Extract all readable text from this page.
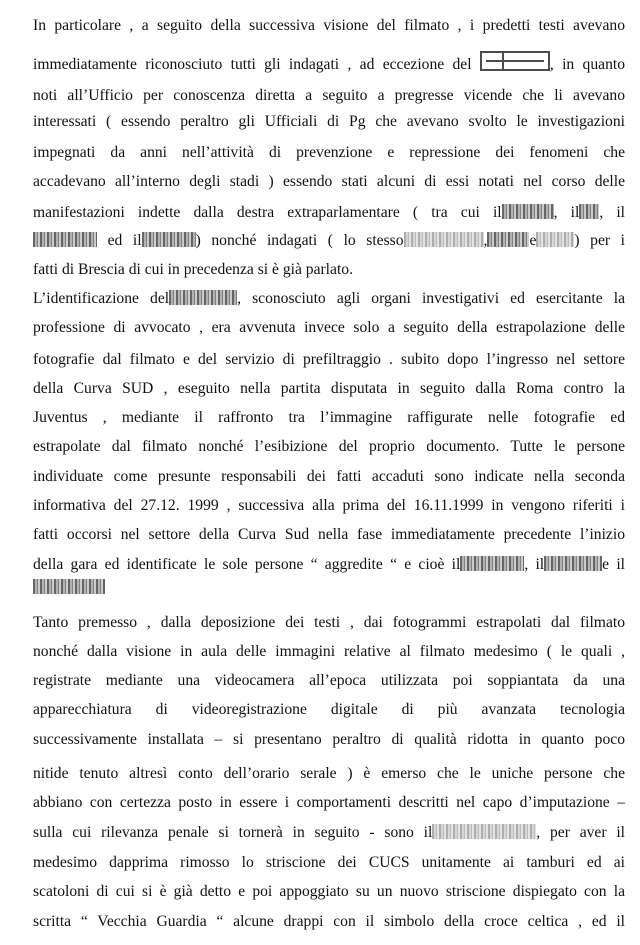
In particolare , a seguito della successiva visione del filmato , i predetti testi avevano
immediatamente riconosciuto tutti gli indagati , ad eccezione del	, in quanto
noti all’Ufficio per conoscenza diretta a seguito a pregresse vicende che li avevano
interessati ( essendo peraltro gli Ufficiali di Pg che avevano svolto le investigazioni
impegnati da anni nell’attività di prevenzione e repressione dei fenomeni che
accadevano all’interno degli stadi ) essendo stati alcuni di essi notati nel corso delle
manifestazioni indette dalla destra extraparlamentare ( tra cui il	, il , il
ed il	) nonché indagati ( lo stesso	,	e ) per i
fatti di Brescia di cui in precedenza si è già parlato.
L’identificazione del	, sconosciuto agli organi investigativi ed esercitante la
professione di avvocato , era avvenuta invece solo a seguito della estrapolazione delle
fotografie dal filmato e del servizio di prefiltraggio . subito dopo l’ingresso nel settore
della Curva SUD , eseguito nella partita disputata in seguito dalla Roma contro la
Juventus , mediante il raffronto tra l’immagine raffigurate nelle fotografie ed
estrapolate dal filmato nonché l’esibizione del proprio documento. Tutte le persone
individuate come presunte responsabili dei fatti accaduti sono indicate nella seconda
informativa del 27.12. 1999 , successiva alla prima del 16.11.1999 in vengono riferiti i
fatti occorsi nel settore della Curva Sud nella fase immediatamente precedente l’inizio
della gara ed identificate le sole persone “ aggredite “ e cioè il	, il	e il

Tanto premesso , dalla deposizione dei testi , dai fotogrammi estrapolati dal filmato
nonché dalla visione in aula delle immagini relative al filmato medesimo ( le quali ,
registrate mediante una videocamera all’epoca utilizzata poi soppiantata da una
apparecchiatura di videoregistrazione digitale di più avanzata tecnologia
successivamente installata – si presentano peraltro di qualità ridotta in quanto poco
nitide tenuto altresì conto dell’orario serale ) è emerso che le uniche persone che
abbiano con certezza posto in essere i comportamenti descritti nel capo d’imputazione –
sulla cui rilevanza penale si tornerà in seguito - sono il	, per aver il
medesimo dapprima rimosso lo striscione dei CUCS unitamente ai tamburi ed ai
scatoloni di cui si è già detto e poi appoggiato su un nuovo striscione dispiegato con la
scritta “ Vecchia Guardia “ alcune drappi con il simbolo della croce celtica , ed il
